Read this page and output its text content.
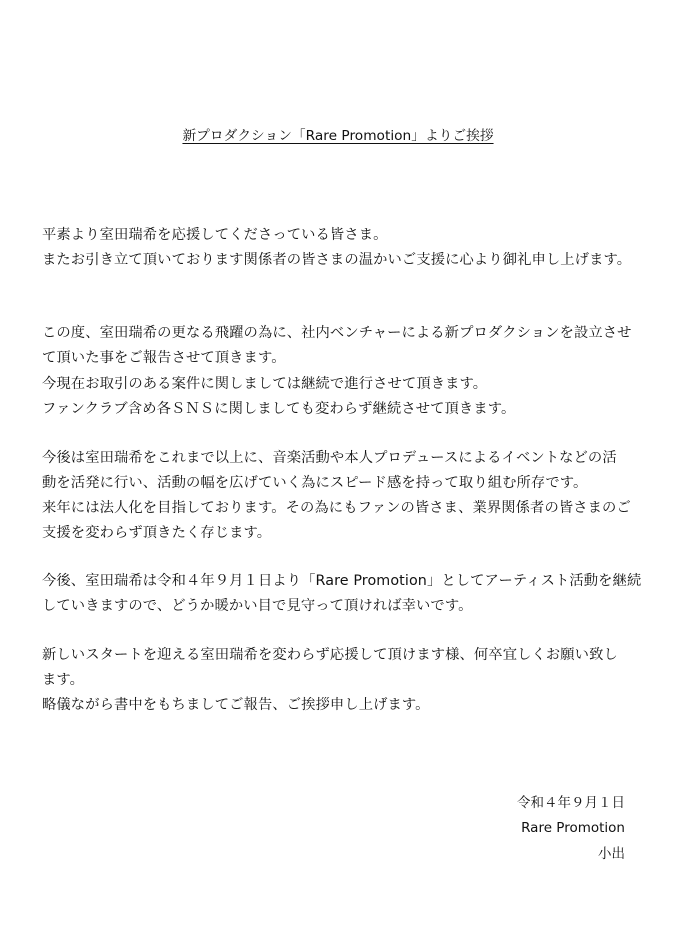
新プロダクション「Rare Promotion」よりご挨拶
平素より室田瑞希を応援してくださっている皆さま。
またお引き立て頂いております関係者の皆さまの温かいご支援に心より御礼申し上げます。
この度、室田瑞希の更なる飛躍の為に、社内ベンチャーによる新プロダクションを設立させ
て頂いた事をご報告させて頂きます。
今現在お取引のある案件に関しましては継続で進行させて頂きます。
ファンクラブ含め各ＳＮＳに関しましても変わらず継続させて頂きます。
今後は室田瑞希をこれまで以上に、音楽活動や本人プロデュースによるイベントなどの活
動を活発に行い、活動の幅を広げていく為にスピード感を持って取り組む所存です。
来年には法人化を目指しております。その為にもファンの皆さま、業界関係者の皆さまのご
支援を変わらず頂きたく存じます。
今後、室田瑞希は令和４年９月１日より「Rare Promotion」としてアーティスト活動を継続
していきますので、どうか暖かい目で見守って頂ければ幸いです。
新しいスタートを迎える室田瑞希を変わらず応援して頂けます様、何卒宜しくお願い致し
ます。
略儀ながら書中をもちましてご報告、ご挨拶申し上げます。
令和４年９月１日
Rare Promotion
小出
